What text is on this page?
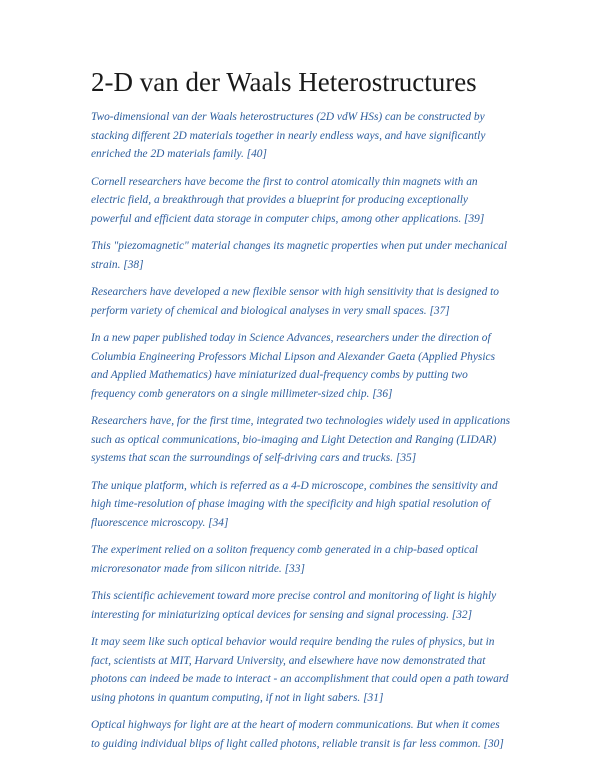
2-D van der Waals Heterostructures

Two-dimensional van der Waals heterostructures (2D vdW HSs) can be constructed by stacking different 2D materials together in nearly endless ways, and have significantly enriched the 2D materials family. [40]

Cornell researchers have become the first to control atomically thin magnets with an electric field, a breakthrough that provides a blueprint for producing exceptionally powerful and efficient data storage in computer chips, among other applications. [39]

This "piezomagnetic" material changes its magnetic properties when put under mechanical strain. [38]

Researchers have developed a new flexible sensor with high sensitivity that is designed to perform variety of chemical and biological analyses in very small spaces. [37]

In a new paper published today in Science Advances, researchers under the direction of Columbia Engineering Professors Michal Lipson and Alexander Gaeta (Applied Physics and Applied Mathematics) have miniaturized dual-frequency combs by putting two frequency comb generators on a single millimeter-sized chip. [36]

Researchers have, for the first time, integrated two technologies widely used in applications such as optical communications, bio-imaging and Light Detection and Ranging (LIDAR) systems that scan the surroundings of self-driving cars and trucks. [35]

The unique platform, which is referred as a 4-D microscope, combines the sensitivity and high time-resolution of phase imaging with the specificity and high spatial resolution of fluorescence microscopy. [34]

The experiment relied on a soliton frequency comb generated in a chip-based optical microresonator made from silicon nitride. [33]

This scientific achievement toward more precise control and monitoring of light is highly interesting for miniaturizing optical devices for sensing and signal processing. [32]

It may seem like such optical behavior would require bending the rules of physics, but in fact, scientists at MIT, Harvard University, and elsewhere have now demonstrated that photons can indeed be made to interact - an accomplishment that could open a path toward using photons in quantum computing, if not in light sabers. [31]

Optical highways for light are at the heart of modern communications. But when it comes to guiding individual blips of light called photons, reliable transit is far less common. [30]
